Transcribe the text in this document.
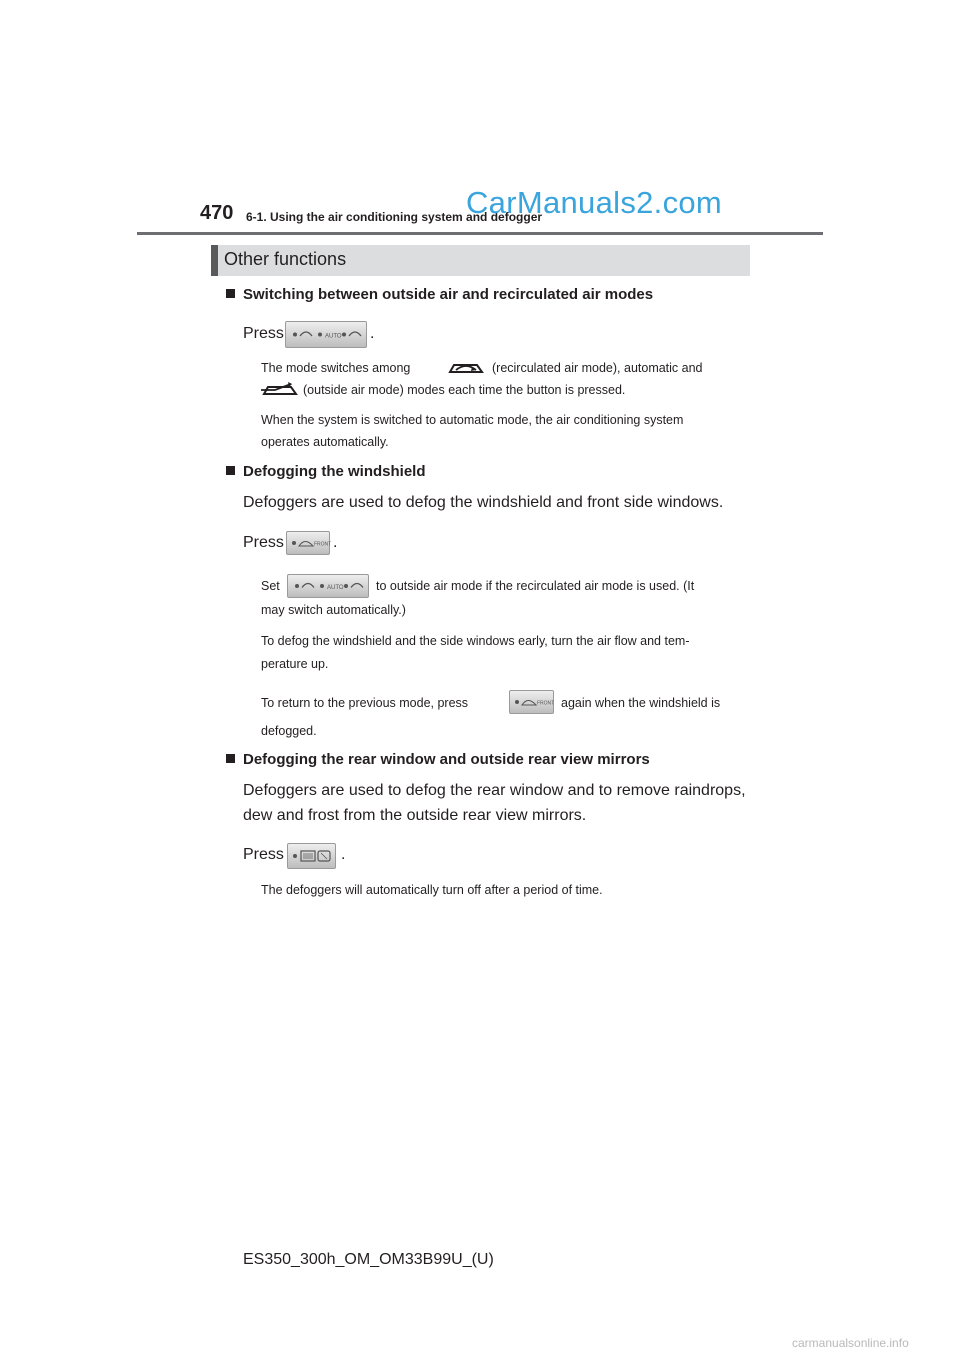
470 6-1. Using the air conditioning system and defogger
CarManuals2.com
Other functions
Switching between outside air and recirculated air modes
Press	AUTO .
The mode switches among	(recirculated air mode), automatic and
(outside air mode) modes each time the button is pressed.
When the system is switched to automatic mode, the air conditioning system
operates automatically.
Defogging the windshield
Defoggers are used to defog the windshield and front side windows.
Press	FRONT .
Set	AUTO	to outside air mode if the recirculated air mode is used. (It
may switch automatically.)
To defog the windshield and the side windows early, turn the air flow and tem-
perature up.
To return to the previous mode, press	FRONT again when the windshield is
defogged.
Defogging the rear window and outside rear view mirrors
Defoggers are used to defog the rear window and to remove raindrops,
dew and frost from the outside rear view mirrors.
Press	.
The defoggers will automatically turn off after a period of time.
ES350_300h_OM_OM33B99U_(U)
carmanualsonline.info
